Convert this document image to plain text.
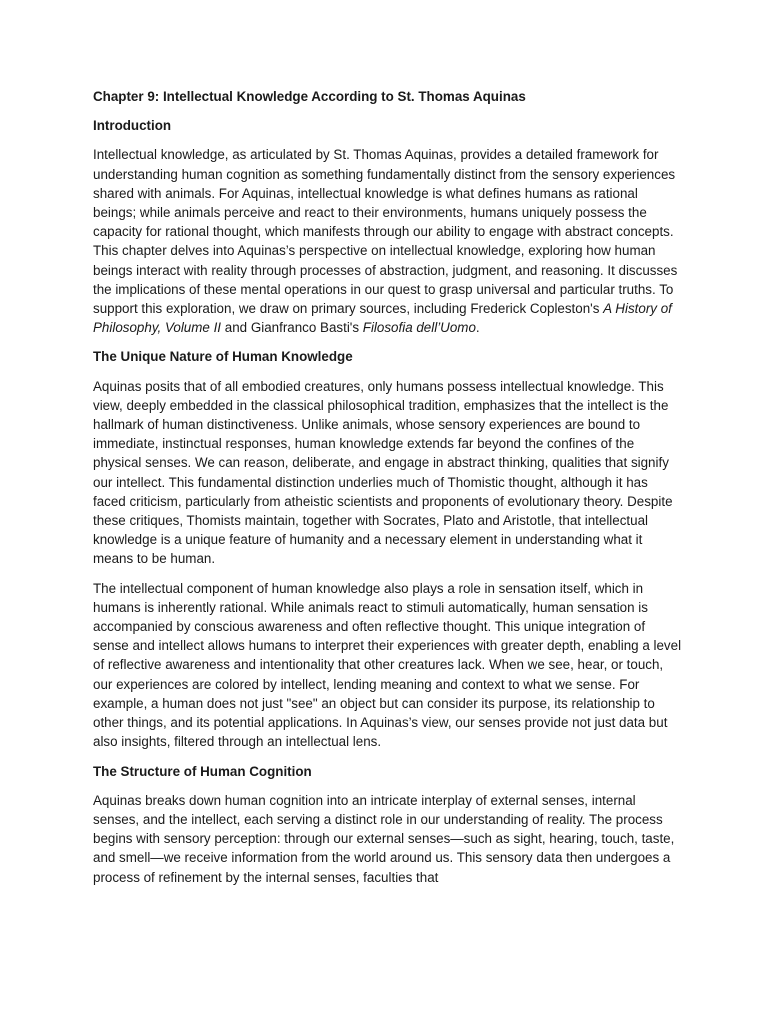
Chapter 9: Intellectual Knowledge According to St. Thomas Aquinas
Introduction

Intellectual knowledge, as articulated by St. Thomas Aquinas, provides a detailed framework for understanding human cognition as something fundamentally distinct from the sensory experiences shared with animals. For Aquinas, intellectual knowledge is what defines humans as rational beings; while animals perceive and react to their environments, humans uniquely possess the capacity for rational thought, which manifests through our ability to engage with abstract concepts. This chapter delves into Aquinas’s perspective on intellectual knowledge, exploring how human beings interact with reality through processes of abstraction, judgment, and reasoning. It discusses the implications of these mental operations in our quest to grasp universal and particular truths. To support this exploration, we draw on primary sources, including Frederick Copleston's A History of Philosophy, Volume II and Gianfranco Basti's Filosofia dell’Uomo.

The Unique Nature of Human Knowledge

Aquinas posits that of all embodied creatures, only humans possess intellectual knowledge. This view, deeply embedded in the classical philosophical tradition, emphasizes that the intellect is the hallmark of human distinctiveness. Unlike animals, whose sensory experiences are bound to immediate, instinctual responses, human knowledge extends far beyond the confines of the physical senses. We can reason, deliberate, and engage in abstract thinking, qualities that signify our intellect. This fundamental distinction underlies much of Thomistic thought, although it has faced criticism, particularly from atheistic scientists and proponents of evolutionary theory. Despite these critiques, Thomists maintain, together with Socrates, Plato and Aristotle, that intellectual knowledge is a unique feature of humanity and a necessary element in understanding what it means to be human.

The intellectual component of human knowledge also plays a role in sensation itself, which in humans is inherently rational. While animals react to stimuli automatically, human sensation is accompanied by conscious awareness and often reflective thought. This unique integration of sense and intellect allows humans to interpret their experiences with greater depth, enabling a level of reflective awareness and intentionality that other creatures lack. When we see, hear, or touch, our experiences are colored by intellect, lending meaning and context to what we sense. For example, a human does not just "see" an object but can consider its purpose, its relationship to other things, and its potential applications. In Aquinas’s view, our senses provide not just data but also insights, filtered through an intellectual lens.

The Structure of Human Cognition

Aquinas breaks down human cognition into an intricate interplay of external senses, internal senses, and the intellect, each serving a distinct role in our understanding of reality. The process begins with sensory perception: through our external senses—such as sight, hearing, touch, taste, and smell—we receive information from the world around us. This sensory data then undergoes a process of refinement by the internal senses, faculties that
